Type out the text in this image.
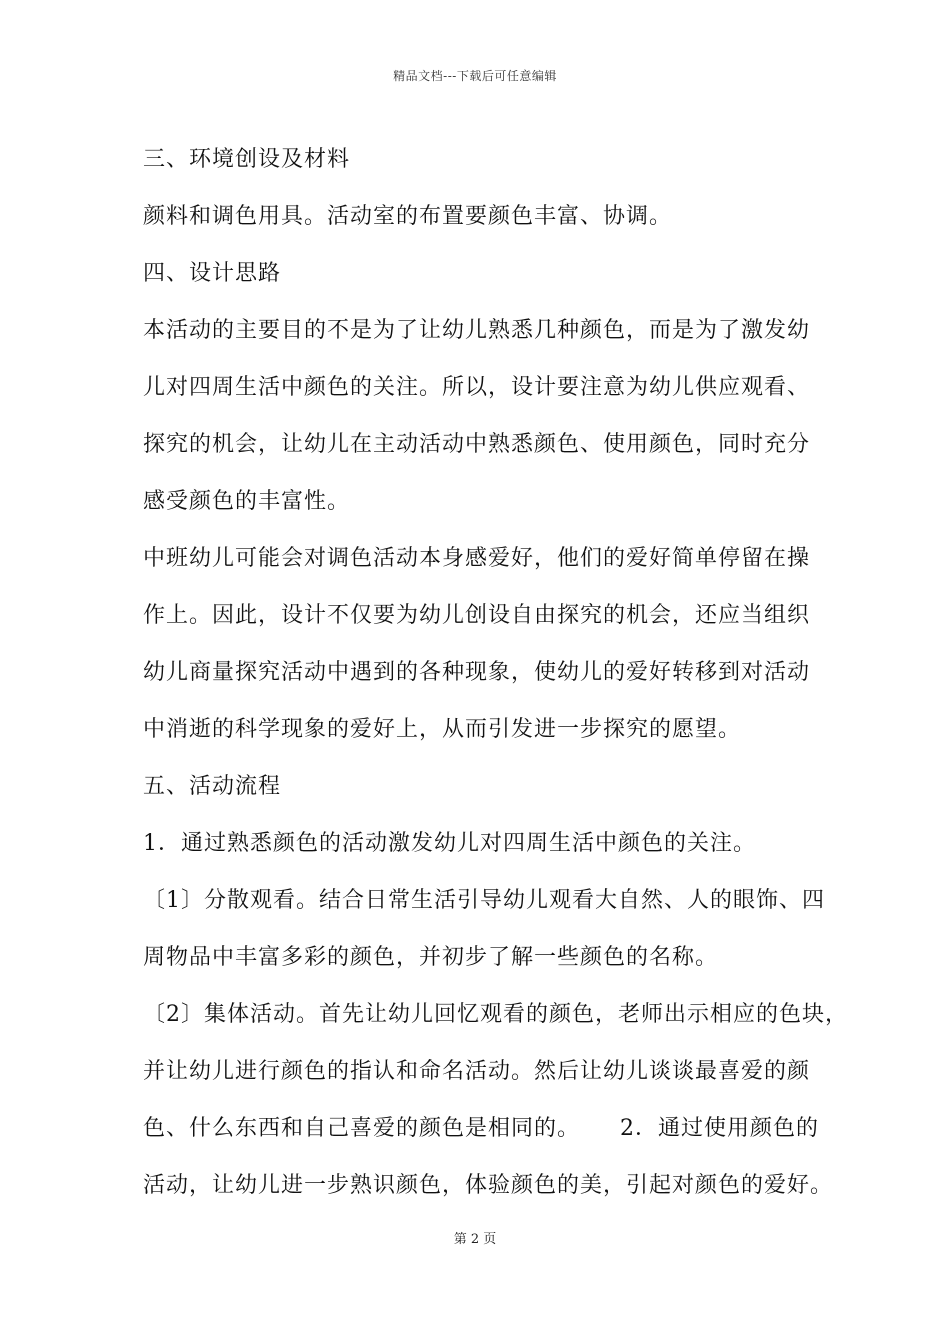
精品文档---下载后可任意编辑
三、环境创设及材料
颜料和调色用具。活动室的布置要颜色丰富、协调。
四、设计思路
本活动的主要目的不是为了让幼儿熟悉几种颜色，而是为了激发幼
儿对四周生活中颜色的关注。所以，设计要注意为幼儿供应观看、
探究的机会，让幼儿在主动活动中熟悉颜色、使用颜色，同时充分
感受颜色的丰富性。
中班幼儿可能会对调色活动本身感爱好，他们的爱好简单停留在操
作上。因此，设计不仅要为幼儿创设自由探究的机会，还应当组织
幼儿商量探究活动中遇到的各种现象，使幼儿的爱好转移到对活动
中消逝的科学现象的爱好上，从而引发进一步探究的愿望。
五、活动流程
1．通过熟悉颜色的活动激发幼儿对四周生活中颜色的关注。
〔1〕分散观看。结合日常生活引导幼儿观看大自然、人的眼饰、四
周物品中丰富多彩的颜色，并初步了解一些颜色的名称。
〔2〕集体活动。首先让幼儿回忆观看的颜色，老师出示相应的色块，
并让幼儿进行颜色的指认和命名活动。然后让幼儿谈谈最喜爱的颜
色、什么东西和自己喜爱的颜色是相同的。 2．通过使用颜色的
活动，让幼儿进一步熟识颜色，体验颜色的美，引起对颜色的爱好。
第 2 页
